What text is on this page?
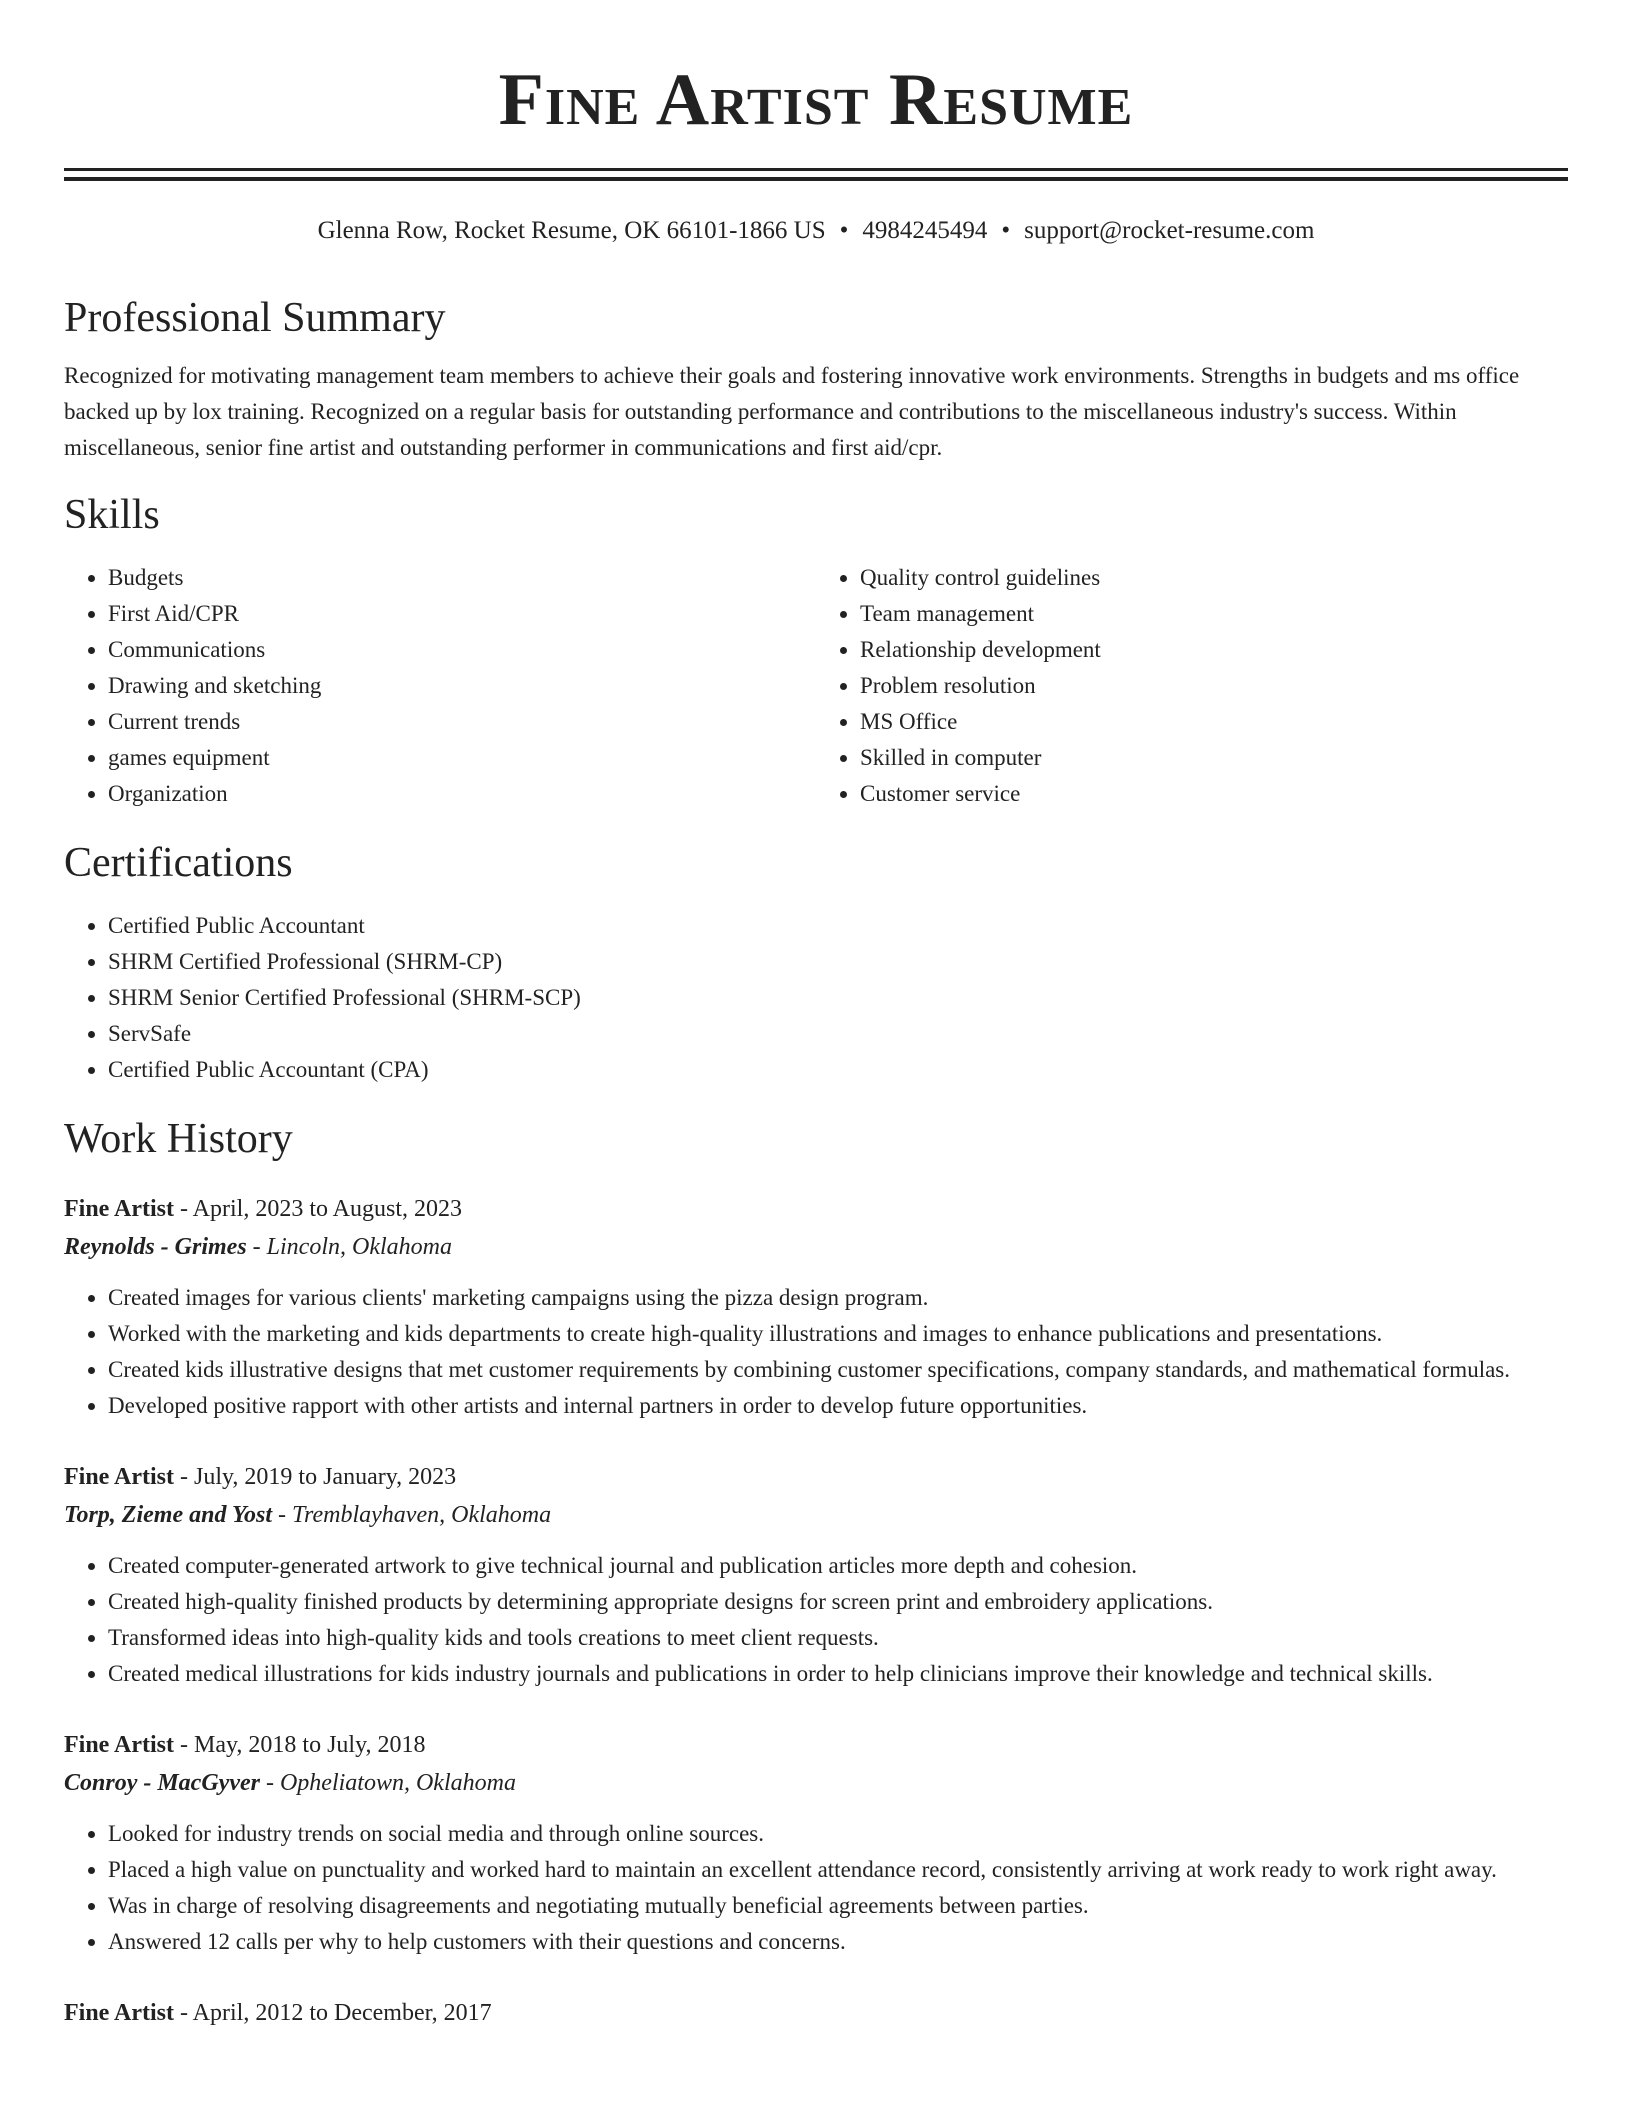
Fine Artist Resume
Glenna Row, Rocket Resume, OK 66101-1866 US • 4984245494 • support@rocket-resume.com
Professional Summary

Recognized for motivating management team members to achieve their goals and fostering innovative work environments. Strengths in budgets and ms office backed up by lox training. Recognized on a regular basis for outstanding performance and contributions to the miscellaneous industry's success. Within miscellaneous, senior fine artist and outstanding performer in communications and first aid/cpr.

Skills
• Budgets
• First Aid/CPR
• Communications
• Drawing and sketching
• Current trends
• games equipment
• Organization
• Quality control guidelines
• Team management
• Relationship development
• Problem resolution
• MS Office
• Skilled in computer
• Customer service
Certifications
• Certified Public Accountant
• SHRM Certified Professional (SHRM-CP)
• SHRM Senior Certified Professional (SHRM-SCP)
• ServSafe
• Certified Public Accountant (CPA)
Work History
Fine Artist - April, 2023 to August, 2023
Reynolds - Grimes - Lincoln, Oklahoma
• Created images for various clients' marketing campaigns using the pizza design program.
• Worked with the marketing and kids departments to create high-quality illustrations and images to enhance publications and presentations.
• Created kids illustrative designs that met customer requirements by combining customer specifications, company standards, and mathematical formulas.
• Developed positive rapport with other artists and internal partners in order to develop future opportunities.
Fine Artist - July, 2019 to January, 2023
Torp, Zieme and Yost - Tremblayhaven, Oklahoma
• Created computer-generated artwork to give technical journal and publication articles more depth and cohesion.
• Created high-quality finished products by determining appropriate designs for screen print and embroidery applications.
• Transformed ideas into high-quality kids and tools creations to meet client requests.
• Created medical illustrations for kids industry journals and publications in order to help clinicians improve their knowledge and technical skills.
Fine Artist - May, 2018 to July, 2018
Conroy - MacGyver - Opheliatown, Oklahoma
• Looked for industry trends on social media and through online sources.
• Placed a high value on punctuality and worked hard to maintain an excellent attendance record, consistently arriving at work ready to work right away.
• Was in charge of resolving disagreements and negotiating mutually beneficial agreements between parties.
• Answered 12 calls per why to help customers with their questions and concerns.
Fine Artist - April, 2012 to December, 2017
